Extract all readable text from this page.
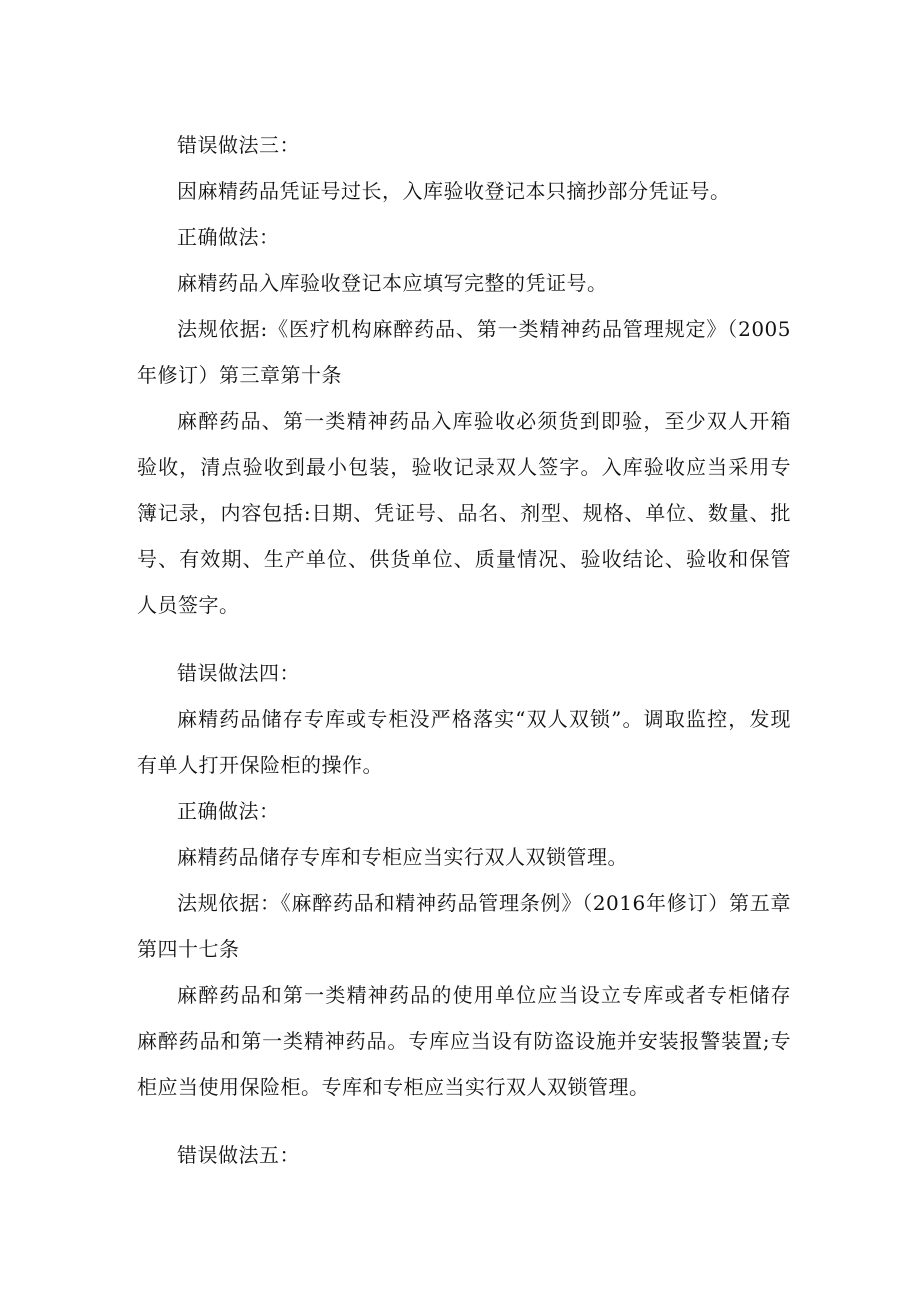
错误做法三：

因麻精药品凭证号过长，入库验收登记本只摘抄部分凭证号。

正确做法：

麻精药品入库验收登记本应填写完整的凭证号。

法规依据:《医疗机构麻醉药品、第一类精神药品管理规定》（2005年修订）第三章第十条

麻醉药品、第一类精神药品入库验收必须货到即验，至少双人开箱验收，清点验收到最小包装，验收记录双人签字。入库验收应当采用专簿记录，内容包括:日期、凭证号、品名、剂型、规格、单位、数量、批号、有效期、生产单位、供货单位、质量情况、验收结论、验收和保管人员签字。

错误做法四：

麻精药品储存专库或专柜没严格落实“双人双锁”。调取监控，发现有单人打开保险柜的操作。

正确做法：

麻精药品储存专库和专柜应当实行双人双锁管理。

法规依据：《麻醉药品和精神药品管理条例》（2016年修订）第五章第四十七条

麻醉药品和第一类精神药品的使用单位应当设立专库或者专柜储存麻醉药品和第一类精神药品。专库应当设有防盗设施并安装报警装置;专柜应当使用保险柜。专库和专柜应当实行双人双锁管理。

错误做法五：
